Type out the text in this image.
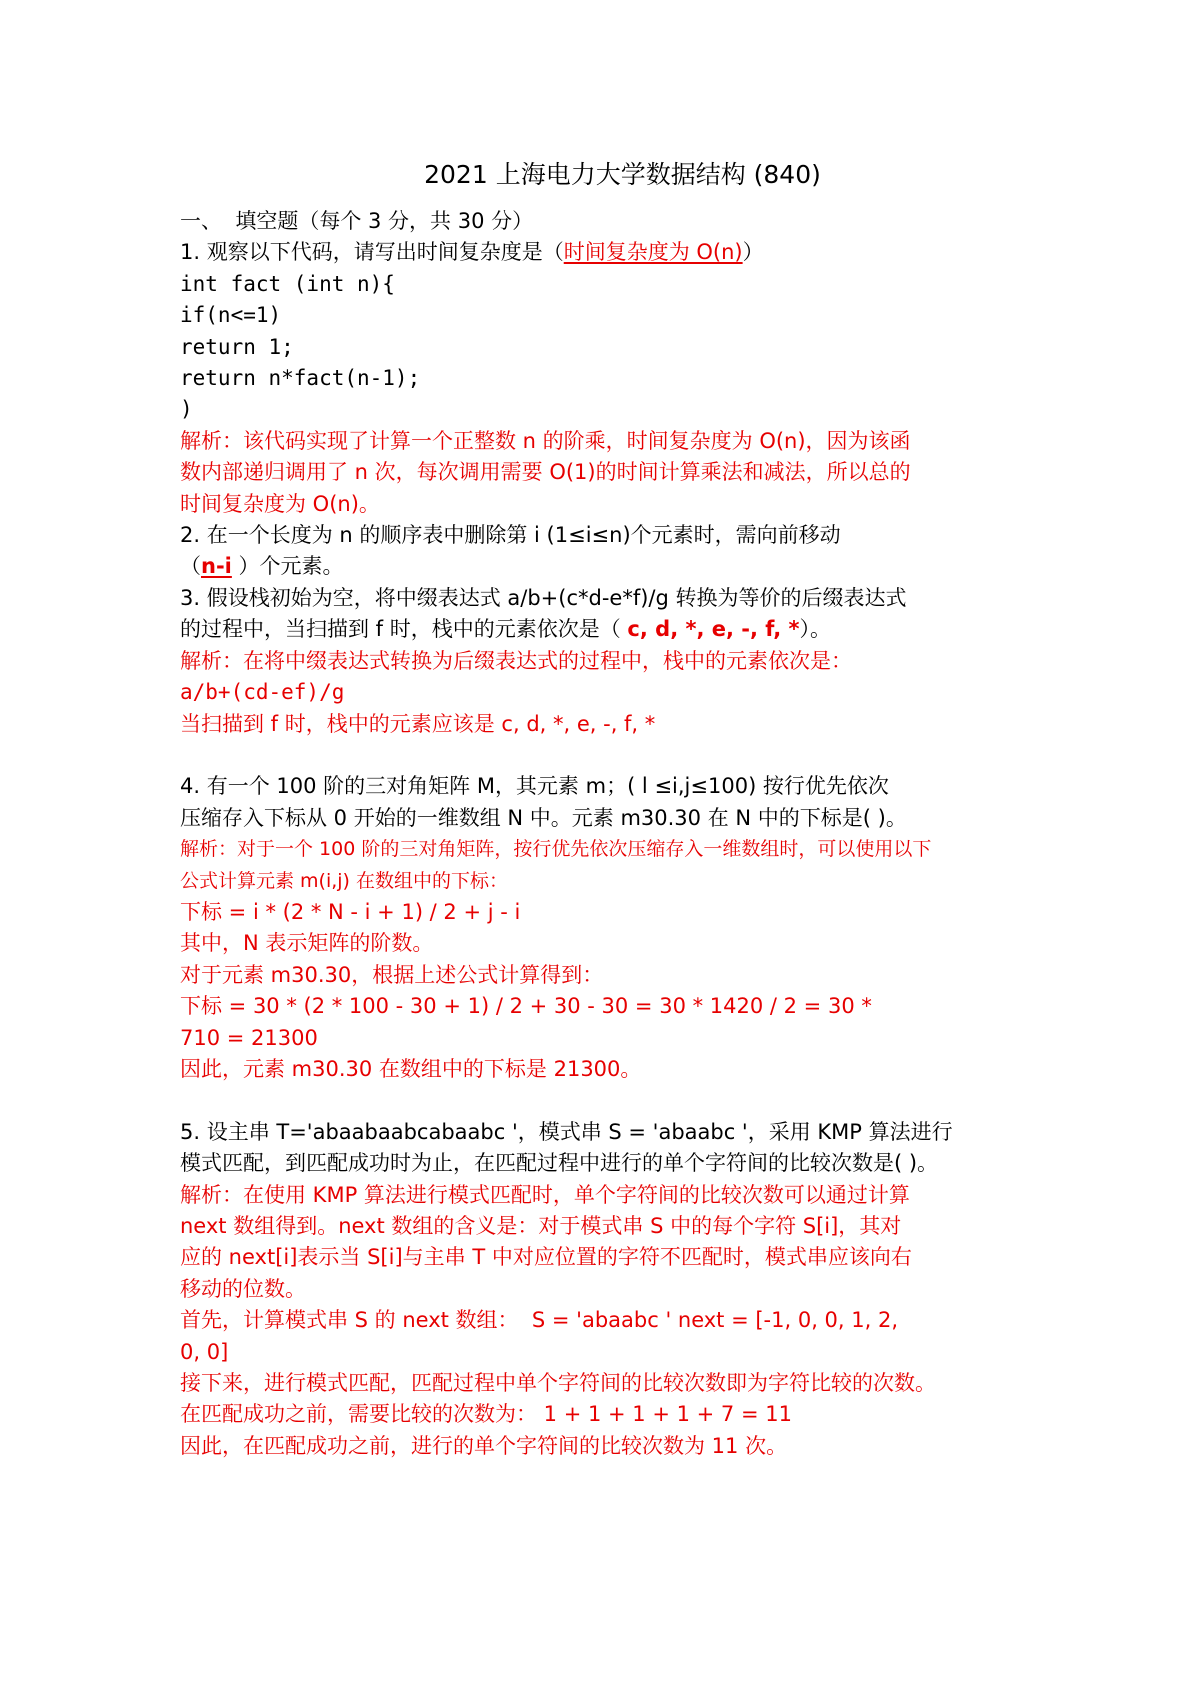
2021 上海电力大学数据结构 (840)
一、  填空题（每个 3 分，共 30 分）
1. 观察以下代码，请写出时间复杂度是（时间复杂度为 O(n)）
int fact (int n){
if(n<=1)
return 1;
return n*fact(n-1);
)
解析：该代码实现了计算一个正整数 n 的阶乘，时间复杂度为 O(n)，因为该函
数内部递归调用了 n 次，每次调用需要 O(1)的时间计算乘法和减法，所以总的
时间复杂度为 O(n)。
2. 在一个长度为 n 的顺序表中删除第 i (1≤i≤n)个元素时，需向前移动
（n-i ）个元素。
3. 假设栈初始为空，将中缀表达式 a/b+(c*d-e*f)/g 转换为等价的后缀表达式
的过程中，当扫描到 f 时，栈中的元素依次是（ c, d, *, e, -, f, *）。
解析：在将中缀表达式转换为后缀表达式的过程中，栈中的元素依次是：
a/b+(cd-ef)/g
当扫描到 f 时，栈中的元素应该是 c, d, *, e, -, f, *
4. 有一个 100 阶的三对角矩阵 M，其元素 m；( l ≤i,j≤100) 按行优先依次
压缩存入下标从 0 开始的一维数组 N 中。元素 m30.30 在 N 中的下标是( )。
解析：对于一个 100 阶的三对角矩阵，按行优先依次压缩存入一维数组时，可以使用以下
公式计算元素 m(i,j) 在数组中的下标：
下标 = i * (2 * N - i + 1) / 2 + j - i
其中，N 表示矩阵的阶数。
对于元素 m30.30，根据上述公式计算得到：
下标 = 30 * (2 * 100 - 30 + 1) / 2 + 30 - 30 = 30 * 1420 / 2 = 30 *
710 = 21300
因此，元素 m30.30 在数组中的下标是 21300。
5. 设主串 T='abaabaabcabaabc '，模式串 S = 'abaabc '，采用 KMP 算法进行
模式匹配，到匹配成功时为止，在匹配过程中进行的单个字符间的比较次数是( )。
解析：在使用 KMP 算法进行模式匹配时，单个字符间的比较次数可以通过计算
next 数组得到。next 数组的含义是：对于模式串 S 中的每个字符 S[i]，其对
应的 next[i]表示当 S[i]与主串 T 中对应位置的字符不匹配时，模式串应该向右
移动的位数。
首先，计算模式串 S 的 next 数组：  S = 'abaabc ' next = [-1, 0, 0, 1, 2,
0, 0]
接下来，进行模式匹配，匹配过程中单个字符间的比较次数即为字符比较的次数。
在匹配成功之前，需要比较的次数为： 1 + 1 + 1 + 1 + 7 = 11
因此，在匹配成功之前，进行的单个字符间的比较次数为 11 次。
